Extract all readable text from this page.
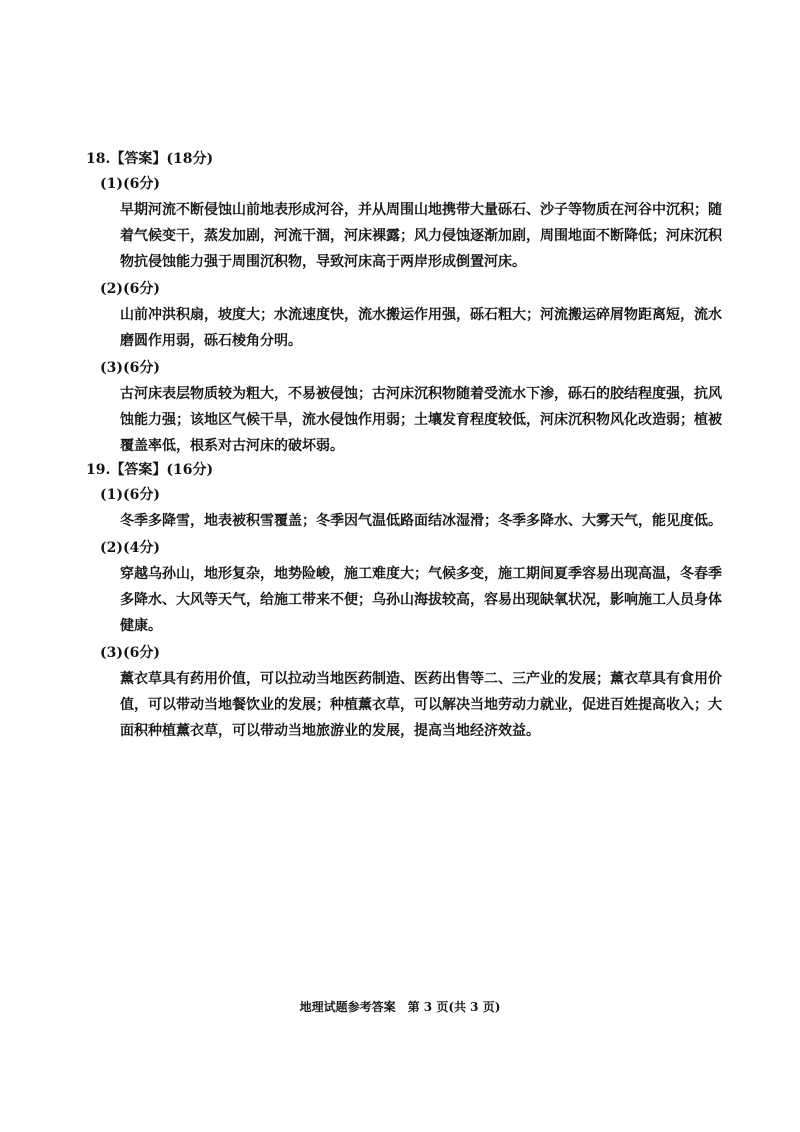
18.【答案】(18分)

(1)(6分)

早期河流不断侵蚀山前地表形成河谷，并从周围山地携带大量砾石、沙子等物质在河谷中沉积；随着气候变干，蒸发加剧，河流干涸，河床裸露；风力侵蚀逐渐加剧，周围地面不断降低；河床沉积物抗侵蚀能力强于周围沉积物，导致河床高于两岸形成倒置河床。

(2)(6分)

山前冲洪积扇，坡度大；水流速度快，流水搬运作用强，砾石粗大；河流搬运碎屑物距离短，流水磨圆作用弱，砾石棱角分明。

(3)(6分)

古河床表层物质较为粗大，不易被侵蚀；古河床沉积物随着受流水下渗，砾石的胶结程度强，抗风蚀能力强；该地区气候干旱，流水侵蚀作用弱；土壤发育程度较低，河床沉积物风化改造弱；植被覆盖率低，根系对古河床的破坏弱。

19.【答案】(16分)

(1)(6分)

冬季多降雪，地表被积雪覆盖；冬季因气温低路面结冰湿滑；冬季多降水、大雾天气，能见度低。

(2)(4分)

穿越乌孙山，地形复杂，地势险峻，施工难度大；气候多变，施工期间夏季容易出现高温，冬春季多降水、大风等天气，给施工带来不便；乌孙山海拔较高，容易出现缺氧状况，影响施工人员身体健康。

(3)(6分)

薰衣草具有药用价值，可以拉动当地医药制造、医药出售等二、三产业的发展；薰衣草具有食用价值，可以带动当地餐饮业的发展；种植薰衣草，可以解决当地劳动力就业，促进百姓提高收入；大面积种植薰衣草，可以带动当地旅游业的发展，提高当地经济效益。

地理试题参考答案　第 3 页(共 3 页)
